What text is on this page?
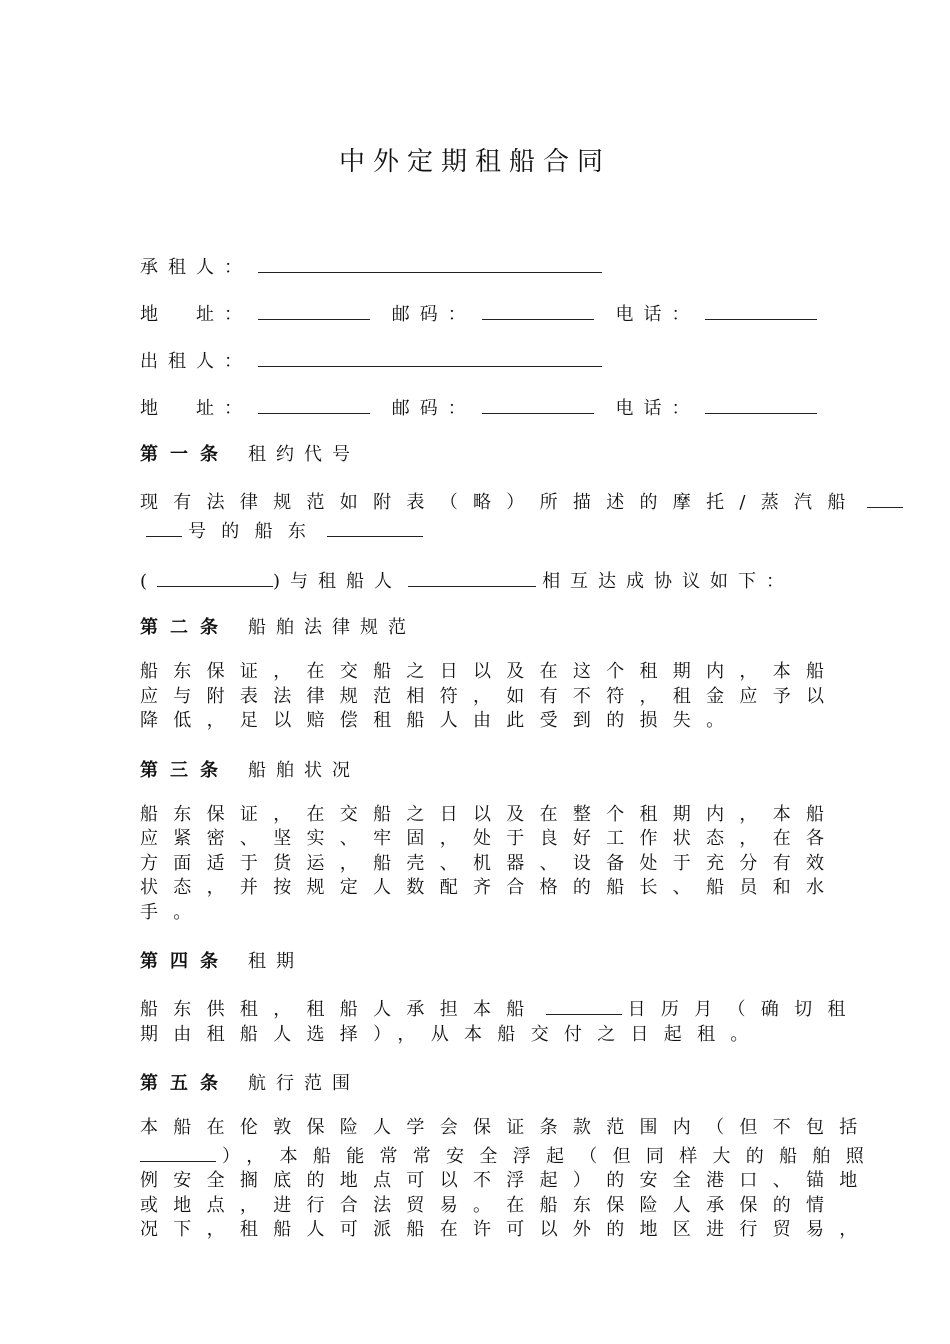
中外定期租船合同
承租人：
地　址：	邮码：	电话：
出租人：
地　址：	邮码：	电话：
第一条 租约代号
现有法律规范如附表（略）所描述的摩托/蒸汽船
号的船东
(	)与租船人	相互达成协议如下：
第二条 船舶法律规范
船东保证，在交船之日以及在这个租期内，本船
应与附表法律规范相符，如有不符，租金应予以
降低，足以赔偿租船人由此受到的损失。
第三条 船舶状况
船东保证，在交船之日以及在整个租期内，本船
应紧密、坚实、牢固，处于良好工作状态，在各
方面适于货运，船壳、机器、设备处于充分有效
状态，并按规定人数配齐合格的船长、船员和水
手。
第四条 租期
船东供租，租船人承担本船	日历月（确切租
期由租船人选择），从本船交付之日起租。
第五条 航行范围
本船在伦敦保险人学会保证条款范围内（但不包括
），本船能常常安全浮起（但同样大的船舶照
例安全搁底的地点可以不浮起）的安全港口、锚地
或地点，进行合法贸易。在船东保险人承保的情
况下，租船人可派船在许可以外的地区进行贸易，
